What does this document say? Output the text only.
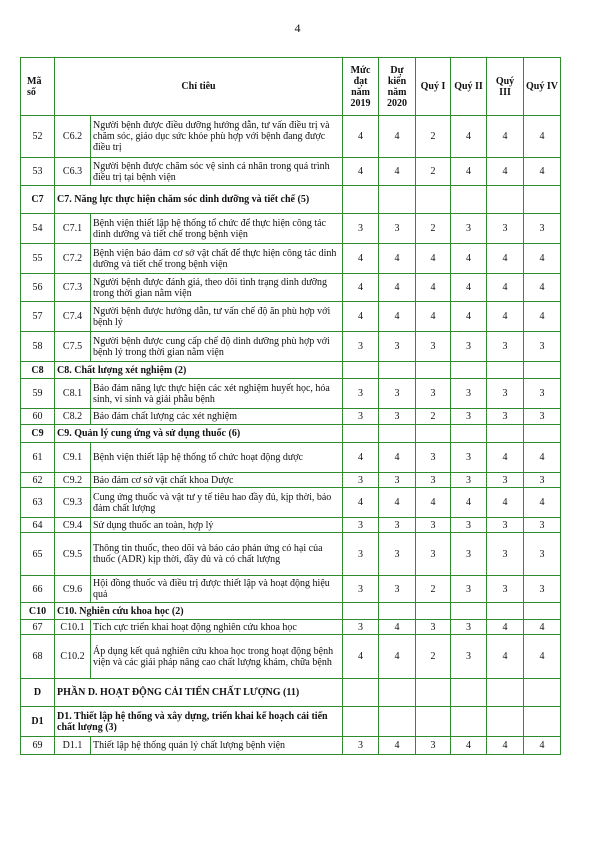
4
Mã số	Chỉ tiêu		Mức đạt năm 2019	Dự kiến năm 2020	Quý I	Quý II	Quý III	Quý IV
52	C6.2	Người bệnh được điều dưỡng hướng dẫn, tư vấn điều trị và chăm sóc, giáo dục sức khỏe phù hợp với bệnh đang được điều trị	4	4	2	4	4	4
53	C6.3	Người bệnh được chăm sóc vệ sinh cá nhân trong quá trình điều trị tại bệnh viện	4	4	2	4	4	4
C7	C7. Năng lực thực hiện chăm sóc dinh dưỡng và tiết chế (5)							
54	C7.1	Bệnh viện thiết lập hệ thống tổ chức để thực hiện công tác dinh dưỡng và tiết chế trong bệnh viện	3	3	2	3	3	3
55	C7.2	Bệnh viện bảo đảm cơ sở vật chất để thực hiện công tác dinh dưỡng và tiết chế trong bệnh viện	4	4	4	4	4	4
56	C7.3	Người bệnh được đánh giá, theo dõi tình trạng dinh dưỡng trong thời gian nằm viện	4	4	4	4	4	4
57	C7.4	Người bệnh được hướng dẫn, tư vấn chế độ ăn phù hợp với bệnh lý	4	4	4	4	4	4
58	C7.5	Người bệnh được cung cấp chế độ dinh dưỡng phù hợp với bệnh lý trong thời gian nằm viện	3	3	3	3	3	3
C8	C8. Chất lượng xét nghiệm (2)							
59	C8.1	Bảo đảm năng lực thực hiện các xét nghiệm huyết học, hóa sinh, vi sinh và giải phẫu bệnh	3	3	3	3	3	3
60	C8.2	Bảo đảm chất lượng các xét nghiệm	3	3	2	3	3	3
C9	C9. Quản lý cung ứng và sử dụng thuốc (6)							
61	C9.1	Bệnh viện thiết lập hệ thống tổ chức hoạt động dược	4	4	3	3	4	4
62	C9.2	Bảo đảm cơ sở vật chất khoa Dược	3	3	3	3	3	3
63	C9.3	Cung ứng thuốc và vật tư y tế tiêu hao đầy đủ, kịp thời, bảo đảm chất lượng	4	4	4	4	4	4
64	C9.4	Sử dụng thuốc an toàn, hợp lý	3	3	3	3	3	3
65	C9.5	Thông tin thuốc, theo dõi và báo cáo phản ứng có hại của thuốc (ADR) kịp thời, đầy đủ và có chất lượng	3	3	3	3	3	3
66	C9.6	Hội đồng thuốc và điều trị được thiết lập và hoạt động hiệu quả	3	3	2	3	3	3
C10	C10. Nghiên cứu khoa học (2)							
67	C10.1	Tích cực triển khai hoạt động nghiên cứu khoa học	3	4	3	3	4	4
68	C10.2	Áp dụng kết quả nghiên cứu khoa học trong hoạt động bệnh viện và các giải pháp nâng cao chất lượng khám, chữa bệnh	4	4	2	3	4	4
D	PHẦN D. HOẠT ĐỘNG CẢI TIẾN CHẤT LƯỢNG (11)							
D1	D1. Thiết lập hệ thống và xây dựng, triển khai kế hoạch cải tiến chất lượng (3)							
69	D1.1	Thiết lập hệ thống quản lý chất lượng bệnh viện	3	4	3	4	4	4
